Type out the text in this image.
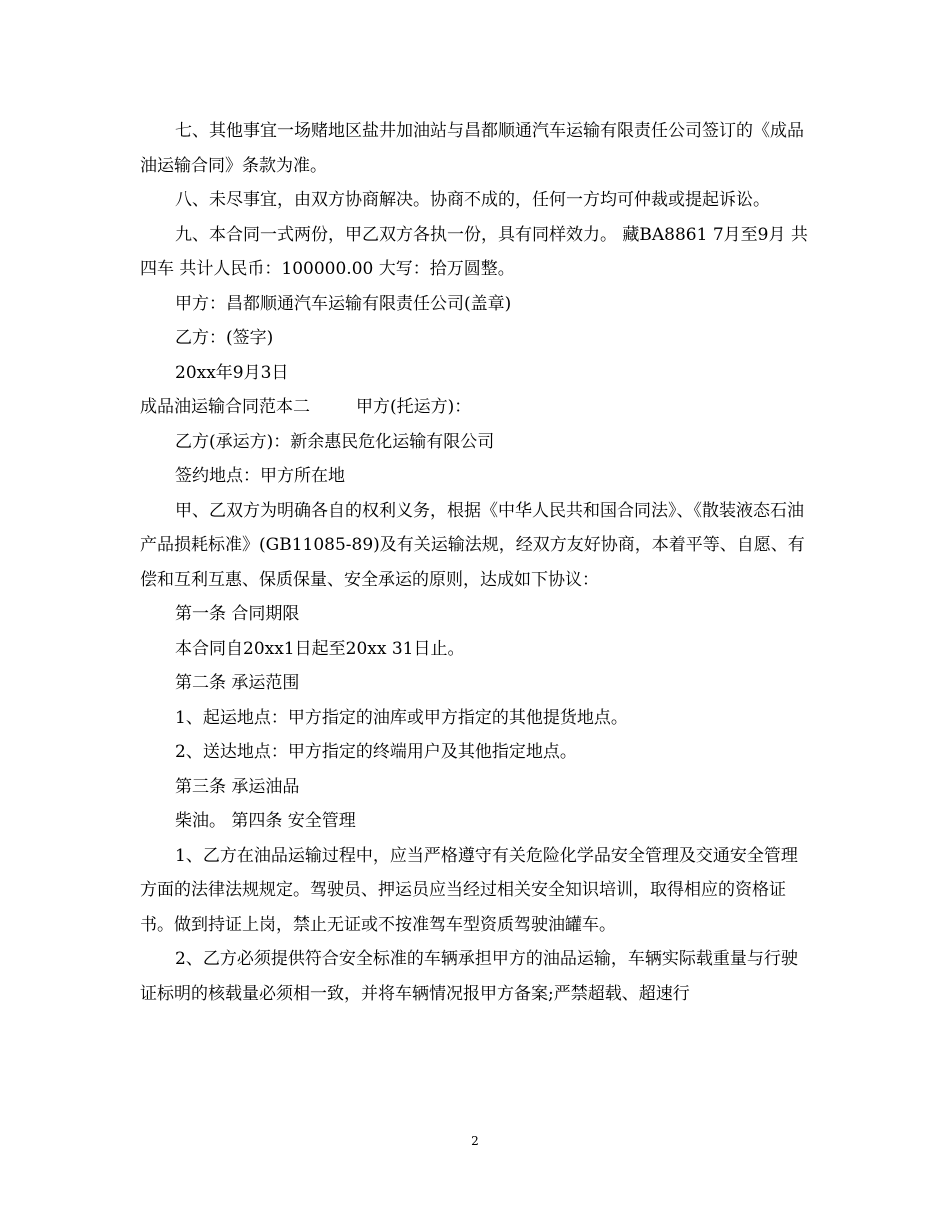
七、其他事宜一场赌地区盐井加油站与昌都顺通汽车运输有限责任公司签订的《成品油运输合同》条款为准。

八、未尽事宜，由双方协商解决。协商不成的，任何一方均可仲裁或提起诉讼。

九、本合同一式两份，甲乙双方各执一份，具有同样效力。 藏BA8861 7月至9月 共四车 共计人民币：100000.00 大写：拾万圆整。

甲方：昌都顺通汽车运输有限责任公司(盖章)

乙方：(签字)

20xx年9月3日

成品油运输合同范本二	甲方(托运方)：

乙方(承运方)：新余惠民危化运输有限公司

签约地点：甲方所在地

甲、乙双方为明确各自的权利义务，根据《中华人民共和国合同法》、《散装液态石油产品损耗标准》(GB11085-89)及有关运输法规，经双方友好协商，本着平等、自愿、有偿和互利互惠、保质保量、安全承运的原则，达成如下协议：

第一条 合同期限

本合同自20xx1日起至20xx 31日止。

第二条 承运范围

1、起运地点：甲方指定的油库或甲方指定的其他提货地点。

2、送达地点：甲方指定的终端用户及其他指定地点。

第三条 承运油品

柴油。 第四条 安全管理

1、乙方在油品运输过程中，应当严格遵守有关危险化学品安全管理及交通安全管理方面的法律法规规定。驾驶员、押运员应当经过相关安全知识培训，取得相应的资格证书。做到持证上岗，禁止无证或不按准驾车型资质驾驶油罐车。

2、乙方必须提供符合安全标准的车辆承担甲方的油品运输，车辆实际载重量与行驶证标明的核载量必须相一致，并将车辆情况报甲方备案;严禁超载、超速行

2
